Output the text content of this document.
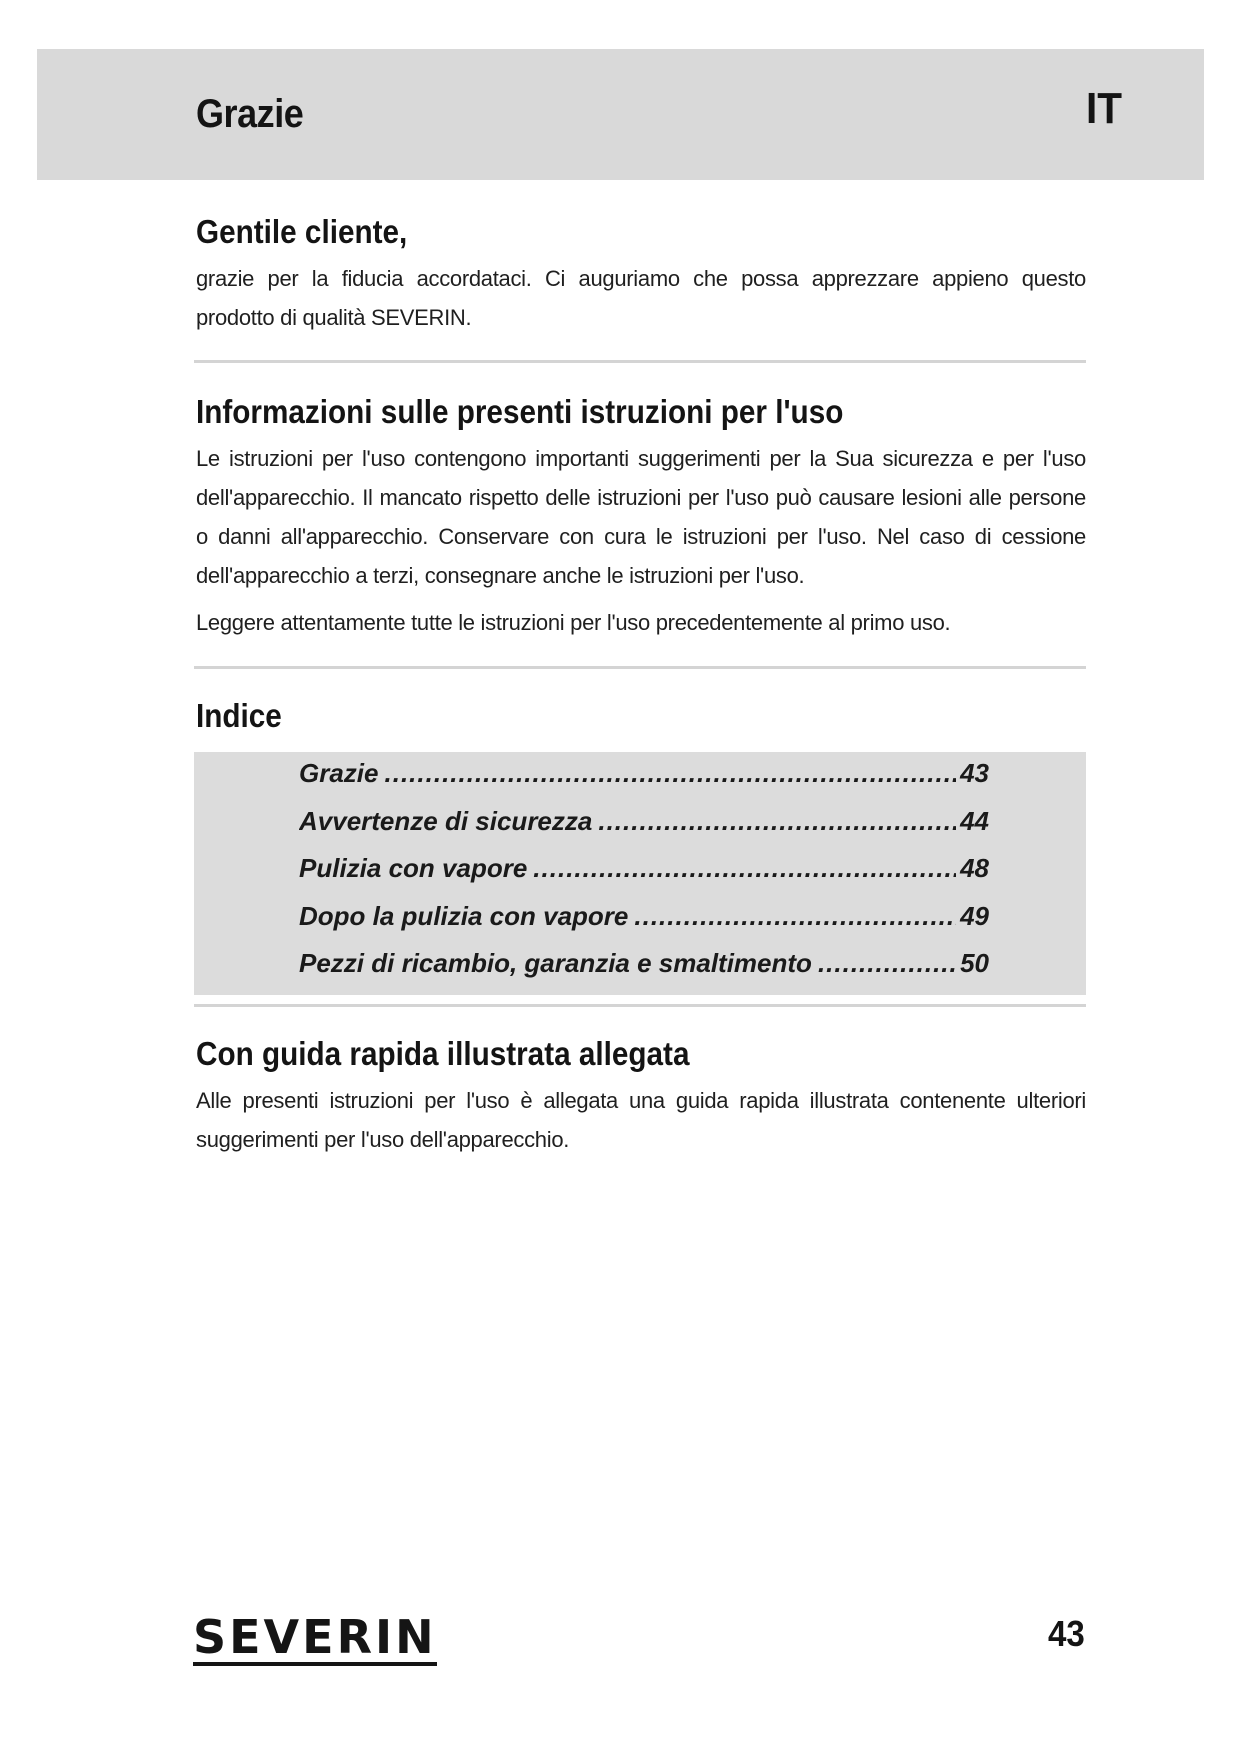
Grazie	IT
Gentile cliente,

grazie per la fiducia accordataci. Ci auguriamo che possa apprezzare appieno questo prodotto di qualità SEVERIN.

Informazioni sulle presenti istruzioni per l'uso

Le istruzioni per l'uso contengono importanti suggerimenti per la Sua sicurezza e per l'uso dell'apparecchio. Il mancato rispetto delle istruzioni per l'uso può causare lesioni alle persone o danni all'apparecchio. Conservare con cura le istruzioni per l'uso. Nel caso di cessione dell'apparecchio a terzi, consegnare anche le istruzioni per l'uso.

Leggere attentamente tutte le istruzioni per l'uso precedentemente al primo uso.

Indice
Grazie .....	43
Avvertenze di sicurezza .....	44
Pulizia con vapore .....	48
Dopo la pulizia con vapore .....	49
Pezzi di ricambio, garanzia e smaltimento .....	50
Con guida rapida illustrata allegata

Alle presenti istruzioni per l'uso è allegata una guida rapida illustrata contenente ulteriori suggerimenti per l'uso dell'apparecchio.

SEVERIN	43
